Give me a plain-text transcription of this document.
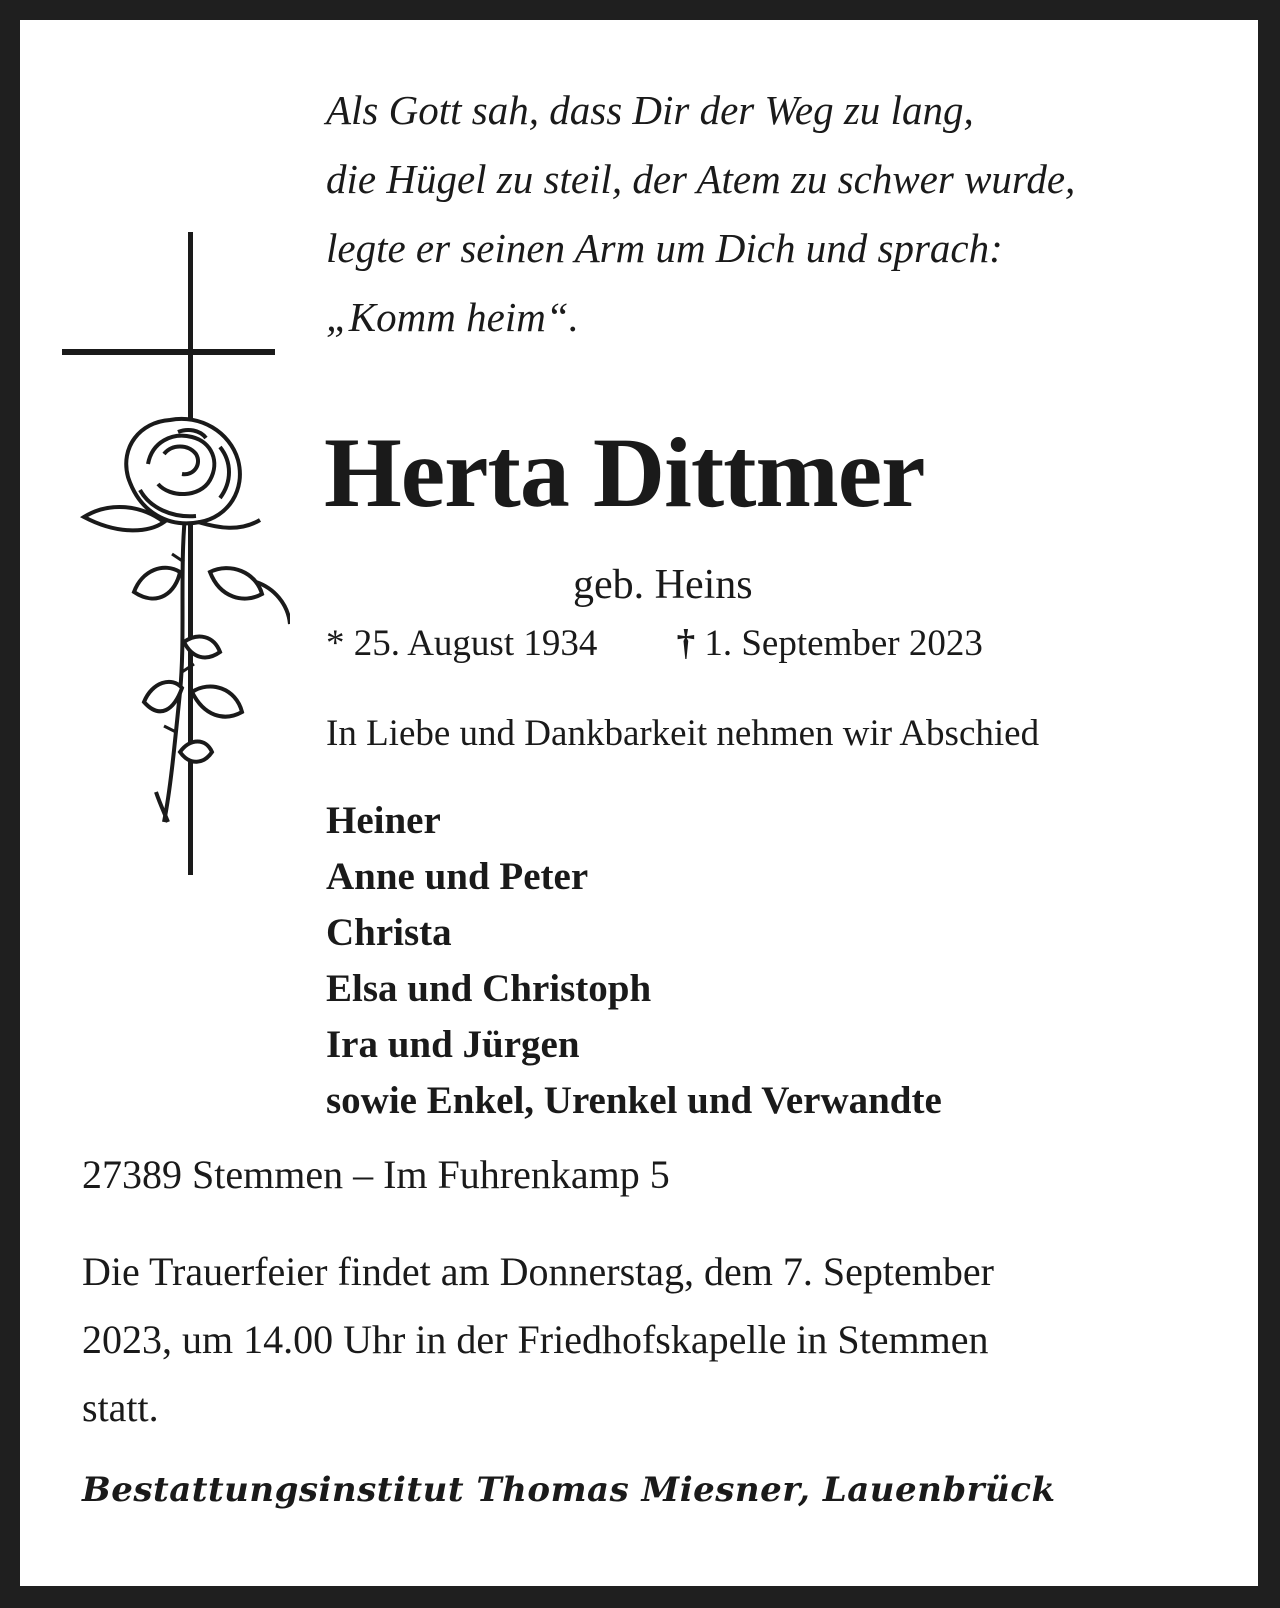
Als Gott sah, dass Dir der Weg zu lang,
die Hügel zu steil, der Atem zu schwer wurde,
legte er seinen Arm um Dich und sprach:
„Komm heim“.
Herta Dittmer
geb. Heins
* 25. August 1934 † 1. September 2023
In Liebe und Dankbarkeit nehmen wir Abschied
Heiner
Anne und Peter
Christa
Elsa und Christoph
Ira und Jürgen
sowie Enkel, Urenkel und Verwandte
27389 Stemmen – Im Fuhrenkamp 5
Die Trauerfeier findet am Donnerstag, dem 7. September
2023, um 14.00 Uhr in der Friedhofskapelle in Stemmen
statt.
Bestattungsinstitut Thomas Miesner, Lauenbrück
